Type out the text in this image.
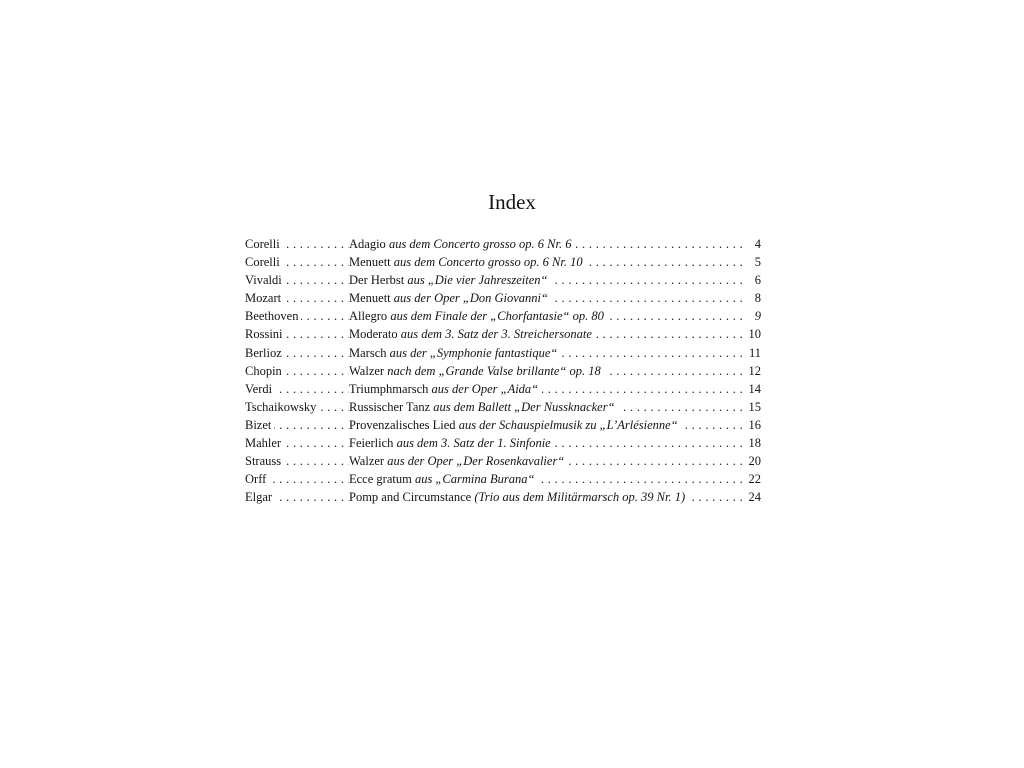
Index
Corelli . . .	Adagio aus dem Concerto grosso op. 6 Nr. 6 . . .	4
Corelli . . .	Menuett aus dem Concerto grosso op. 6 Nr. 10 . . .	5
Vivaldi . . .	Der Herbst aus „Die vier Jahreszeiten“ . . .	6
Mozart . . .	Menuett aus der Oper „Don Giovanni“ . . .	8
Beethoven . . .	Allegro aus dem Finale der „Chorfantasie“ op. 80 . . .	9
Rossini . . .	Moderato aus dem 3. Satz der 3. Streichersonate . . .	10
Berlioz . . .	Marsch aus der „Symphonie fantastique“ . . .	11
Chopin . . .	Walzer nach dem „Grande Valse brillante“ op. 18 . . .	12
Verdi . . .	Triumphmarsch aus der Oper „Aida“ . . .	14
Tschaikowsky . . .	Russischer Tanz aus dem Ballett „Der Nussknacker“ . . .	15
Bizet . . .	Provenzalisches Lied aus der Schauspielmusik zu „L’Arlésienne“ . . .	16
Mahler . . .	Feierlich aus dem 3. Satz der 1. Sinfonie . . .	18
Strauss . . .	Walzer aus der Oper „Der Rosenkavalier“ . . .	20
Orff . . .	Ecce gratum aus „Carmina Burana“ . . .	22
Elgar . . .	Pomp and Circumstance (Trio aus dem Militärmarsch op. 39 Nr. 1) . . .	24
